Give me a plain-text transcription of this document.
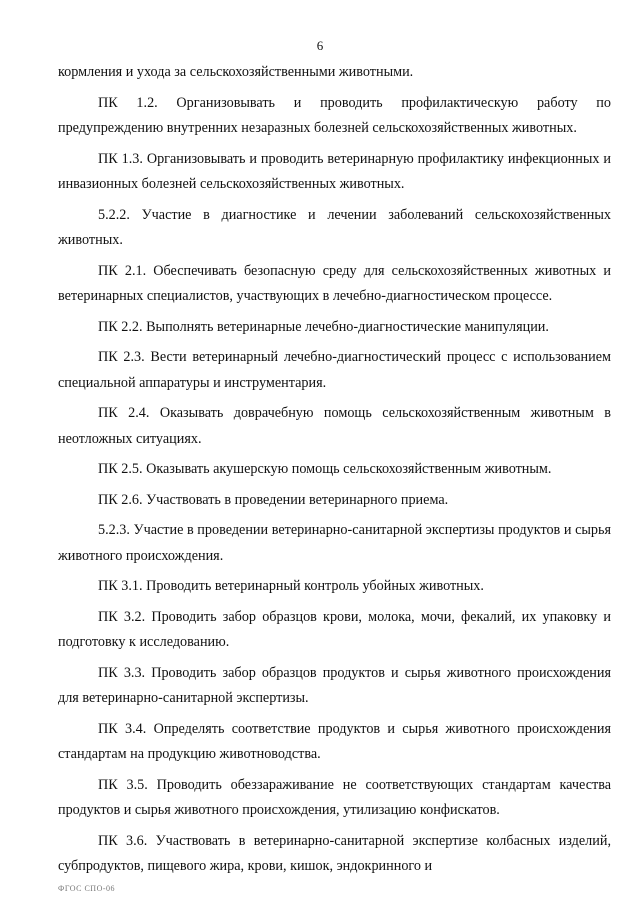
6

кормления и ухода за сельскохозяйственными животными.

ПК 1.2. Организовывать и проводить профилактическую работу по предупреждению внутренних незаразных болезней сельскохозяйственных животных.

ПК 1.3. Организовывать и проводить ветеринарную профилактику инфекционных и инвазионных болезней сельскохозяйственных животных.

5.2.2. Участие в диагностике и лечении заболеваний сельскохозяйственных животных.

ПК 2.1. Обеспечивать безопасную среду для сельскохозяйственных животных и ветеринарных специалистов, участвующих в лечебно-диагностическом процессе.

ПК 2.2. Выполнять ветеринарные лечебно-диагностические манипуляции.

ПК 2.3. Вести ветеринарный лечебно-диагностический процесс с использованием специальной аппаратуры и инструментария.

ПК 2.4. Оказывать доврачебную помощь сельскохозяйственным животным в неотложных ситуациях.

ПК 2.5. Оказывать акушерскую помощь сельскохозяйственным животным.

ПК 2.6. Участвовать в проведении ветеринарного приема.

5.2.3. Участие в проведении ветеринарно-санитарной экспертизы продуктов и сырья животного происхождения.

ПК 3.1. Проводить ветеринарный контроль убойных животных.

ПК 3.2. Проводить забор образцов крови, молока, мочи, фекалий, их упаковку и подготовку к исследованию.

ПК 3.3. Проводить забор образцов продуктов и сырья животного происхождения для ветеринарно-санитарной экспертизы.

ПК 3.4. Определять соответствие продуктов и сырья животного происхождения стандартам на продукцию животноводства.

ПК 3.5. Проводить обеззараживание не соответствующих стандартам качества продуктов и сырья животного происхождения, утилизацию конфискатов.

ПК 3.6. Участвовать в ветеринарно-санитарной экспертизе колбасных изделий, субпродуктов, пищевого жира, крови, кишок, эндокринного и

ФГОС СПО-06
